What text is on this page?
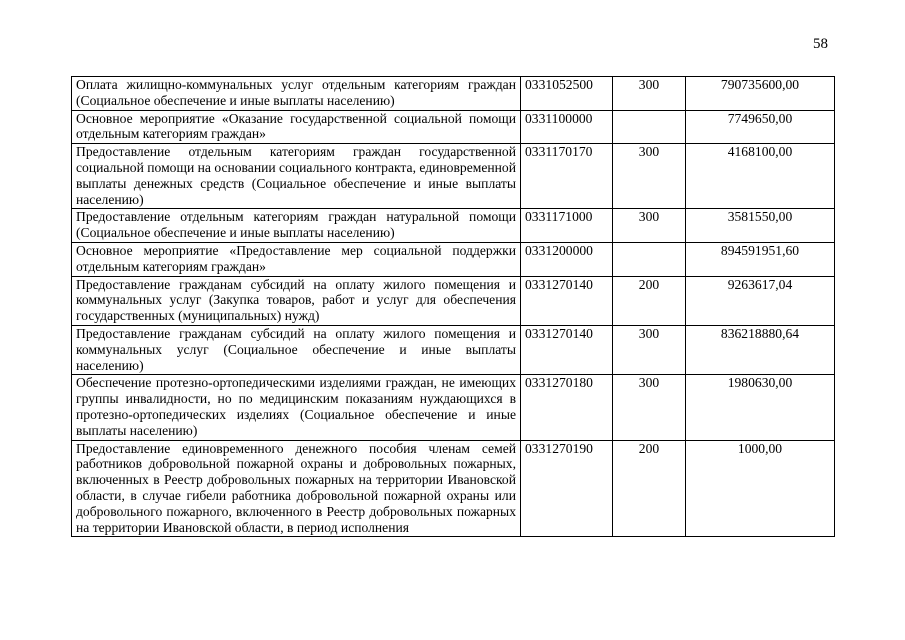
58
Оплата жилищно-коммунальных услуг отдельным категориям граждан (Социальное обеспечение и иные выплаты населению)	0331052500	300	790735600,00
Основное мероприятие «Оказание государственной социальной помощи отдельным категориям граждан»	0331100000		7749650,00
Предоставление отдельным категориям граждан государственной социальной помощи на основании социального контракта, единовременной выплаты денежных средств (Социальное обеспечение и иные выплаты населению)	0331170170	300	4168100,00
Предоставление отдельным категориям граждан натуральной помощи (Социальное обеспечение и иные выплаты населению)	0331171000	300	3581550,00
Основное мероприятие «Предоставление мер социальной поддержки отдельным категориям граждан»	0331200000		894591951,60
Предоставление гражданам субсидий на оплату жилого помещения и коммунальных услуг (Закупка товаров, работ и услуг для обеспечения государственных (муниципальных) нужд)	0331270140	200	9263617,04
Предоставление гражданам субсидий на оплату жилого помещения и коммунальных услуг (Социальное обеспечение и иные выплаты населению)	0331270140	300	836218880,64
Обеспечение протезно-ортопедическими изделиями граждан, не имеющих группы инвалидности, но по медицинским показаниям нуждающихся в протезно-ортопедических изделиях (Социальное обеспечение и иные выплаты населению)	0331270180	300	1980630,00
Предоставление единовременного денежного пособия членам семей работников добровольной пожарной охраны и добровольных пожарных, включенных в Реестр добровольных пожарных на территории Ивановской области, в случае гибели работника добровольной пожарной охраны или добровольного пожарного, включенного в Реестр добровольных пожарных на территории Ивановской области, в период исполнения	0331270190	200	1000,00
